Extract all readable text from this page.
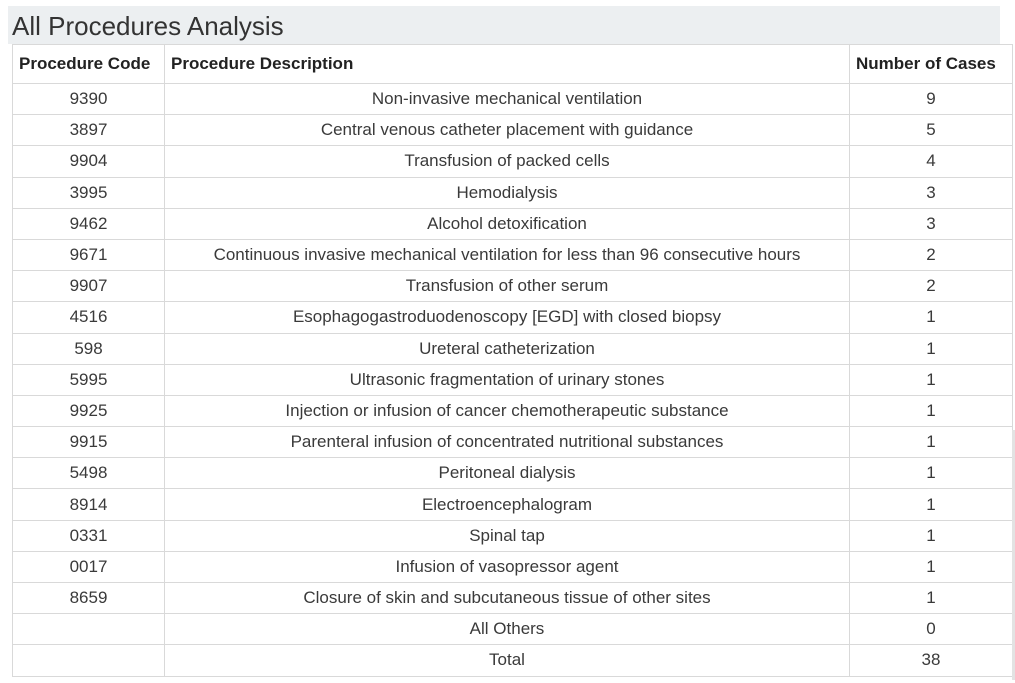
All Procedures Analysis
Procedure Code	Procedure Description	Number of Cases
9390	Non-invasive mechanical ventilation	9
3897	Central venous catheter placement with guidance	5
9904	Transfusion of packed cells	4
3995	Hemodialysis	3
9462	Alcohol detoxification	3
9671	Continuous invasive mechanical ventilation for less than 96 consecutive hours	2
9907	Transfusion of other serum	2
4516	Esophagogastroduodenoscopy [EGD] with closed biopsy	1
598	Ureteral catheterization	1
5995	Ultrasonic fragmentation of urinary stones	1
9925	Injection or infusion of cancer chemotherapeutic substance	1
9915	Parenteral infusion of concentrated nutritional substances	1
5498	Peritoneal dialysis	1
8914	Electroencephalogram	1
0331	Spinal tap	1
0017	Infusion of vasopressor agent	1
8659	Closure of skin and subcutaneous tissue of other sites	1
	All Others	0
	Total	38
